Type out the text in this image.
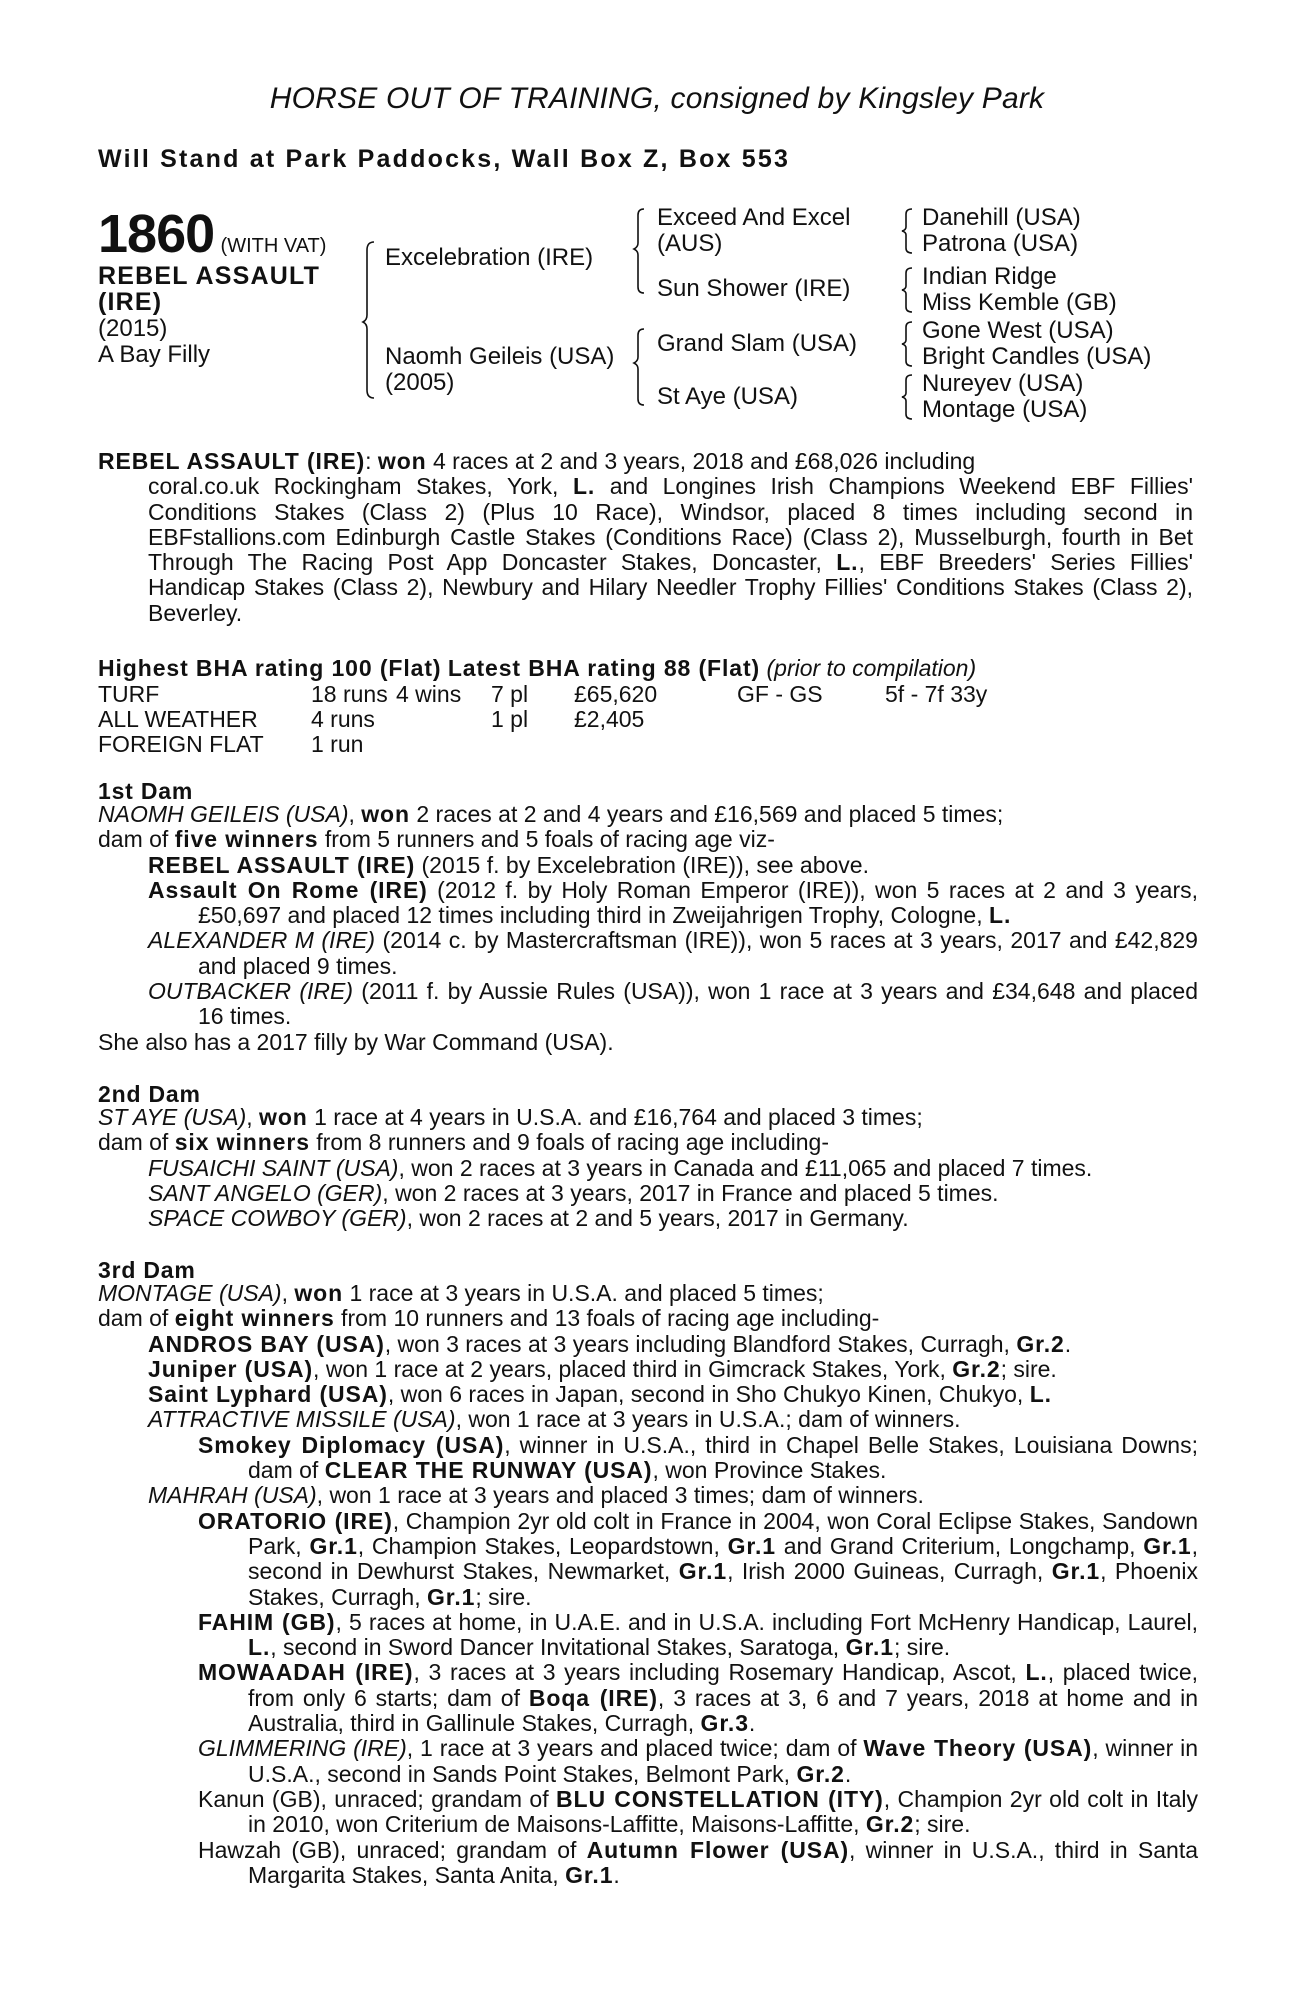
HORSE OUT OF TRAINING, consigned by Kingsley Park
Will Stand at Park Paddocks, Wall Box Z, Box 553
1860 (WITH VAT)
REBEL ASSAULT
(IRE)
(2015)
A Bay Filly
Excelebration (IRE)
Naomh Geileis (USA)
(2005)
Exceed And Excel
(AUS)
Sun Shower (IRE)
Grand Slam (USA)
St Aye (USA)
Danehill (USA)
Patrona (USA)
Indian Ridge
Miss Kemble (GB)
Gone West (USA)
Bright Candles (USA)
Nureyev (USA)
Montage (USA)
REBEL ASSAULT (IRE): won 4 races at 2 and 3 years, 2018 and £68,026 including
coral.co.uk Rockingham Stakes, York, L. and Longines Irish Champions Weekend EBF Fillies' Conditions Stakes (Class 2) (Plus 10 Race), Windsor, placed 8 times including second in EBFstallions.com Edinburgh Castle Stakes (Conditions Race) (Class 2), Musselburgh, fourth in Bet Through The Racing Post App Doncaster Stakes, Doncaster, L., EBF Breeders' Series Fillies' Handicap Stakes (Class 2), Newbury and Hilary Needler Trophy Fillies' Conditions Stakes (Class 2), Beverley.
Highest BHA rating 100 (Flat) Latest BHA rating 88 (Flat) (prior to compilation)
TURF	18 runs 4 wins 7 pl £65,620	GF - GS	5f - 7f 33y
ALL WEATHER 4 runs	1 pl £2,405
FOREIGN FLAT 1 run
1st Dam
NAOMH GEILEIS (USA), won 2 races at 2 and 4 years and £16,569 and placed 5 times;
dam of five winners from 5 runners and 5 foals of racing age viz-
REBEL ASSAULT (IRE) (2015 f. by Excelebration (IRE)), see above.
Assault On Rome (IRE) (2012 f. by Holy Roman Emperor (IRE)), won 5 races at 2 and 3 years, £50,697 and placed 12 times including third in Zweijahrigen Trophy, Cologne, L.
ALEXANDER M (IRE) (2014 c. by Mastercraftsman (IRE)), won 5 races at 3 years, 2017 and £42,829 and placed 9 times.
OUTBACKER (IRE) (2011 f. by Aussie Rules (USA)), won 1 race at 3 years and £34,648 and placed 16 times.
She also has a 2017 filly by War Command (USA).
2nd Dam
ST AYE (USA), won 1 race at 4 years in U.S.A. and £16,764 and placed 3 times;
dam of six winners from 8 runners and 9 foals of racing age including-
FUSAICHI SAINT (USA), won 2 races at 3 years in Canada and £11,065 and placed 7 times.
SANT ANGELO (GER), won 2 races at 3 years, 2017 in France and placed 5 times.
SPACE COWBOY (GER), won 2 races at 2 and 5 years, 2017 in Germany.
3rd Dam
MONTAGE (USA), won 1 race at 3 years in U.S.A. and placed 5 times;
dam of eight winners from 10 runners and 13 foals of racing age including-
ANDROS BAY (USA), won 3 races at 3 years including Blandford Stakes, Curragh, Gr.2.
Juniper (USA), won 1 race at 2 years, placed third in Gimcrack Stakes, York, Gr.2; sire.
Saint Lyphard (USA), won 6 races in Japan, second in Sho Chukyo Kinen, Chukyo, L.
ATTRACTIVE MISSILE (USA), won 1 race at 3 years in U.S.A.; dam of winners.
Smokey Diplomacy (USA), winner in U.S.A., third in Chapel Belle Stakes, Louisiana Downs; dam of CLEAR THE RUNWAY (USA), won Province Stakes.
MAHRAH (USA), won 1 race at 3 years and placed 3 times; dam of winners.
ORATORIO (IRE), Champion 2yr old colt in France in 2004, won Coral Eclipse Stakes, Sandown Park, Gr.1, Champion Stakes, Leopardstown, Gr.1 and Grand Criterium, Longchamp, Gr.1, second in Dewhurst Stakes, Newmarket, Gr.1, Irish 2000 Guineas, Curragh, Gr.1, Phoenix Stakes, Curragh, Gr.1; sire.
FAHIM (GB), 5 races at home, in U.A.E. and in U.S.A. including Fort McHenry Handicap, Laurel, L., second in Sword Dancer Invitational Stakes, Saratoga, Gr.1; sire.
MOWAADAH (IRE), 3 races at 3 years including Rosemary Handicap, Ascot, L., placed twice, from only 6 starts; dam of Boqa (IRE), 3 races at 3, 6 and 7 years, 2018 at home and in Australia, third in Gallinule Stakes, Curragh, Gr.3.
GLIMMERING (IRE), 1 race at 3 years and placed twice; dam of Wave Theory (USA), winner in U.S.A., second in Sands Point Stakes, Belmont Park, Gr.2.
Kanun (GB), unraced; grandam of BLU CONSTELLATION (ITY), Champion 2yr old colt in Italy in 2010, won Criterium de Maisons-Laffitte, Maisons-Laffitte, Gr.2; sire.
Hawzah (GB), unraced; grandam of Autumn Flower (USA), winner in U.S.A., third in Santa Margarita Stakes, Santa Anita, Gr.1.
